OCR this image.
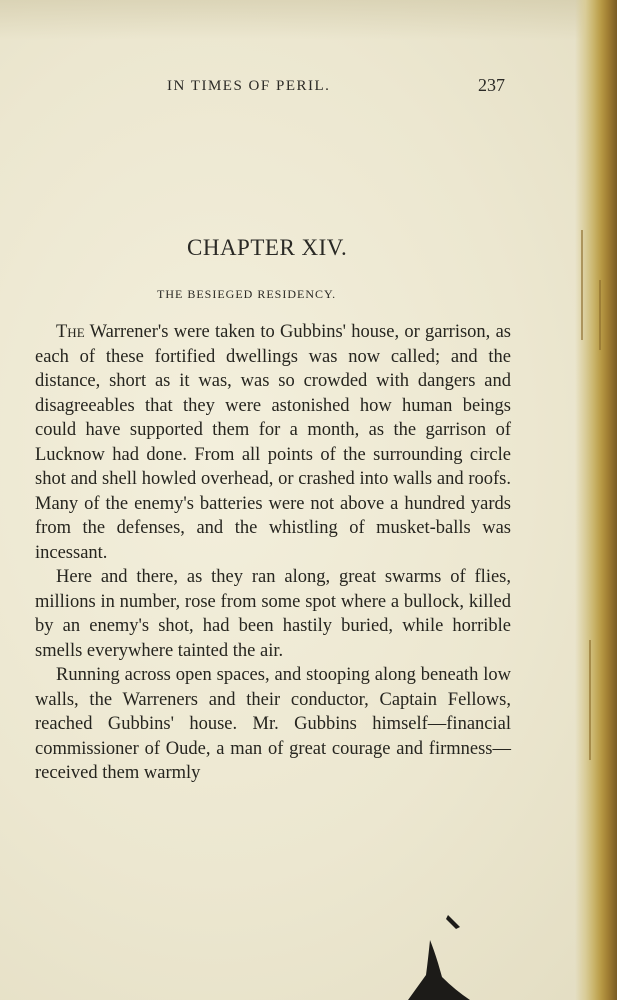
IN TIMES OF PERIL.	237
CHAPTER XIV.
THE BESIEGED RESIDENCY.

The Warrener's were taken to Gubbins' house, or garrison, as each of these fortified dwellings was now called; and the distance, short as it was, was so crowded with dangers and disagreeables that they were astonished how human beings could have supported them for a month, as the garrison of Lucknow had done. From all points of the surrounding circle shot and shell howled overhead, or crashed into walls and roofs. Many of the enemy's batteries were not above a hundred yards from the defenses, and the whistling of musket-balls was incessant.

Here and there, as they ran along, great swarms of flies, millions in number, rose from some spot where a bullock, killed by an enemy's shot, had been hastily buried, while horrible smells everywhere tainted the air.

Running across open spaces, and stooping along beneath low walls, the Warreners and their conductor, Captain Fellows, reached Gubbins' house. Mr. Gubbins himself—financial commissioner of Oude, a man of great courage and firmness—received them warmly
